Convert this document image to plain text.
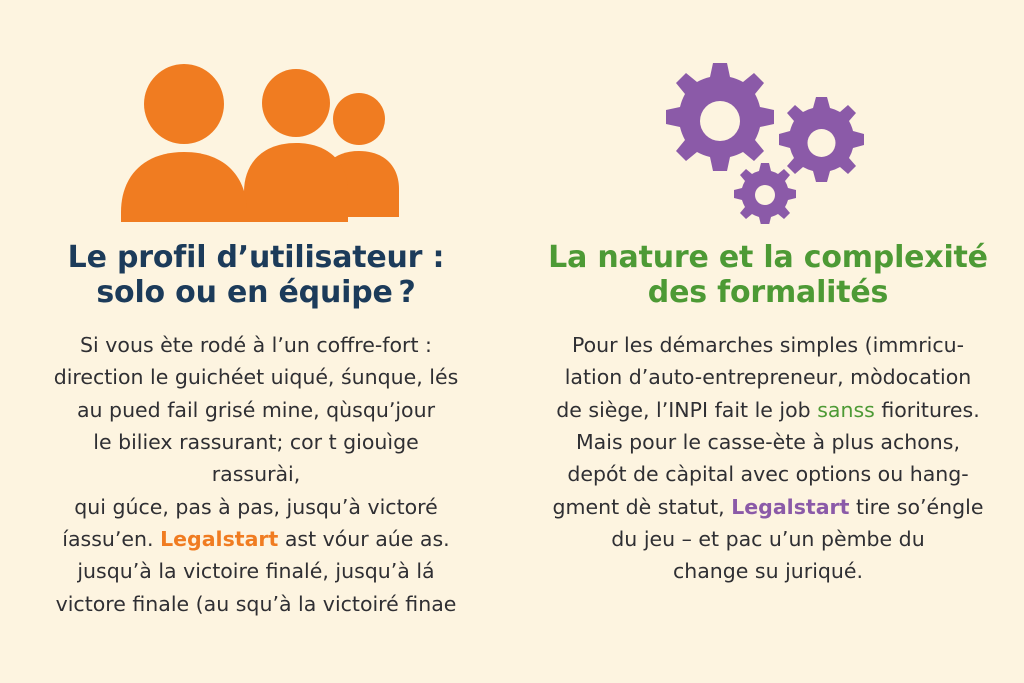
Le profil d’utilisateur :
solo ou en équipe ?
Si vous ète rodé à lʼun coffre-fort :
direction le guichéet uiqué, śunque, lés
au pued fail grisé mine, qùsquʼjour
le biliex rassurant; cor t giouìge rassurài,
qui gúce, pas à pas, jusqu’à victoré
íassuʼen. Legalstart ast vóur aúe as.
jusqu’à la victoire finalé, jusqu’à lá
victore finale (au squ’à la victoiré finae
La nature et la complexité
des formalités
Pour les démarches simples (immricu-
lation d’auto-entrepreneur, mòdocation
de siège, lʼINPI fait le job sanss fioritures.
Mais pour le casse-ète à plus achons,
depót de càpital avec options ou hang-
gment dè statut, Legalstart tire so’éngle
du jeu – et pac u’un pèmbe du
change su juriqué.
